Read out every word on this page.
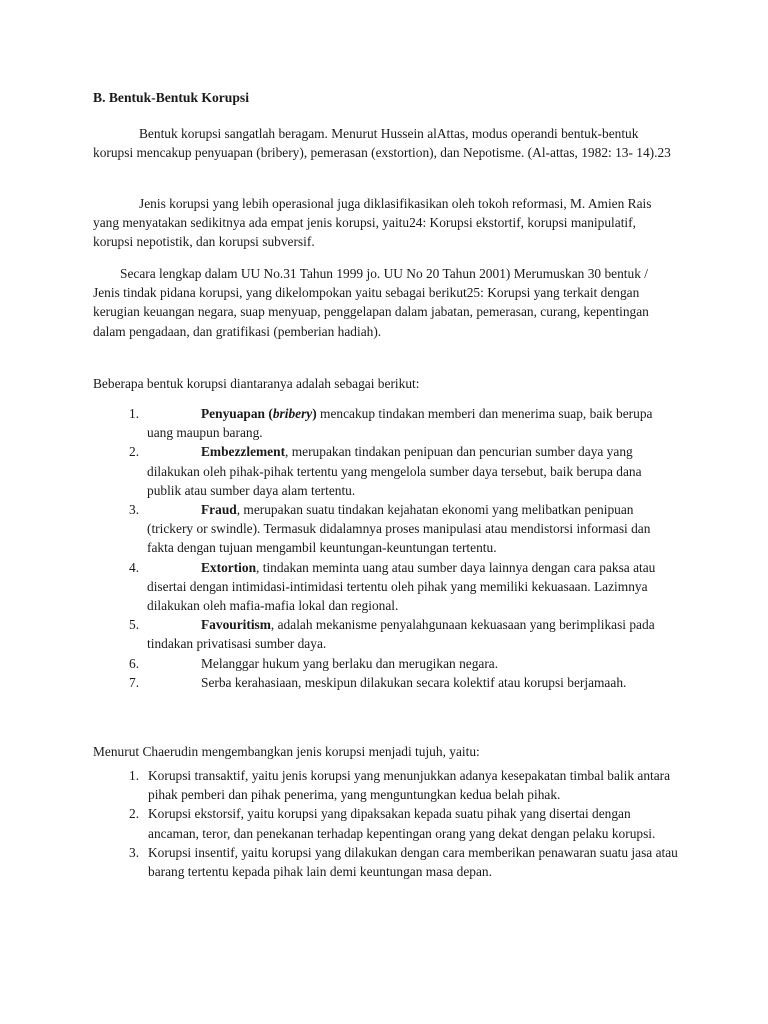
B. Bentuk-Bentuk Korupsi

Bentuk korupsi sangatlah beragam. Menurut Hussein alAttas, modus operandi bentuk-bentuk korupsi mencakup penyuapan (bribery), pemerasan (exstortion), dan Nepotisme. (Al-attas, 1982: 13- 14).23

Jenis korupsi yang lebih operasional juga diklasifikasikan oleh tokoh reformasi, M. Amien Rais yang menyatakan sedikitnya ada empat jenis korupsi, yaitu24: Korupsi ekstortif, korupsi manipulatif, korupsi nepotistik, dan korupsi subversif.

Secara lengkap dalam UU No.31 Tahun 1999 jo. UU No 20 Tahun 2001) Merumuskan 30 bentuk / Jenis tindak pidana korupsi, yang dikelompokan yaitu sebagai berikut25: Korupsi yang terkait dengan kerugian keuangan negara, suap menyuap, penggelapan dalam jabatan, pemerasan, curang, kepentingan dalam pengadaan, dan gratifikasi (pemberian hadiah).

Beberapa bentuk korupsi diantaranya adalah sebagai berikut:

1.	Penyuapan (bribery) mencakup tindakan memberi dan menerima suap, baik berupa uang maupun barang.
2.	Embezzlement, merupakan tindakan penipuan dan pencurian sumber daya yang dilakukan oleh pihak-pihak tertentu yang mengelola sumber daya tersebut, baik berupa dana publik atau sumber daya alam tertentu.
3.	Fraud, merupakan suatu tindakan kejahatan ekonomi yang melibatkan penipuan (trickery or swindle). Termasuk didalamnya proses manipulasi atau mendistorsi informasi dan fakta dengan tujuan mengambil keuntungan-keuntungan tertentu.
4.	Extortion, tindakan meminta uang atau sumber daya lainnya dengan cara paksa atau disertai dengan intimidasi-intimidasi tertentu oleh pihak yang memiliki kekuasaan. Lazimnya dilakukan oleh mafia-mafia lokal dan regional.
5.	Favouritism, adalah mekanisme penyalahgunaan kekuasaan yang berimplikasi pada tindakan privatisasi sumber daya.
6.	Melanggar hukum yang berlaku dan merugikan negara.
7.	Serba kerahasiaan, meskipun dilakukan secara kolektif atau korupsi berjamaah.

Menurut Chaerudin mengembangkan jenis korupsi menjadi tujuh, yaitu:

1. Korupsi transaktif, yaitu jenis korupsi yang menunjukkan adanya kesepakatan timbal balik antara pihak pemberi dan pihak penerima, yang menguntungkan kedua belah pihak.
2. Korupsi ekstorsif, yaitu korupsi yang dipaksakan kepada suatu pihak yang disertai dengan ancaman, teror, dan penekanan terhadap kepentingan orang yang dekat dengan pelaku korupsi.
3. Korupsi insentif, yaitu korupsi yang dilakukan dengan cara memberikan penawaran suatu jasa atau barang tertentu kepada pihak lain demi keuntungan masa depan.
